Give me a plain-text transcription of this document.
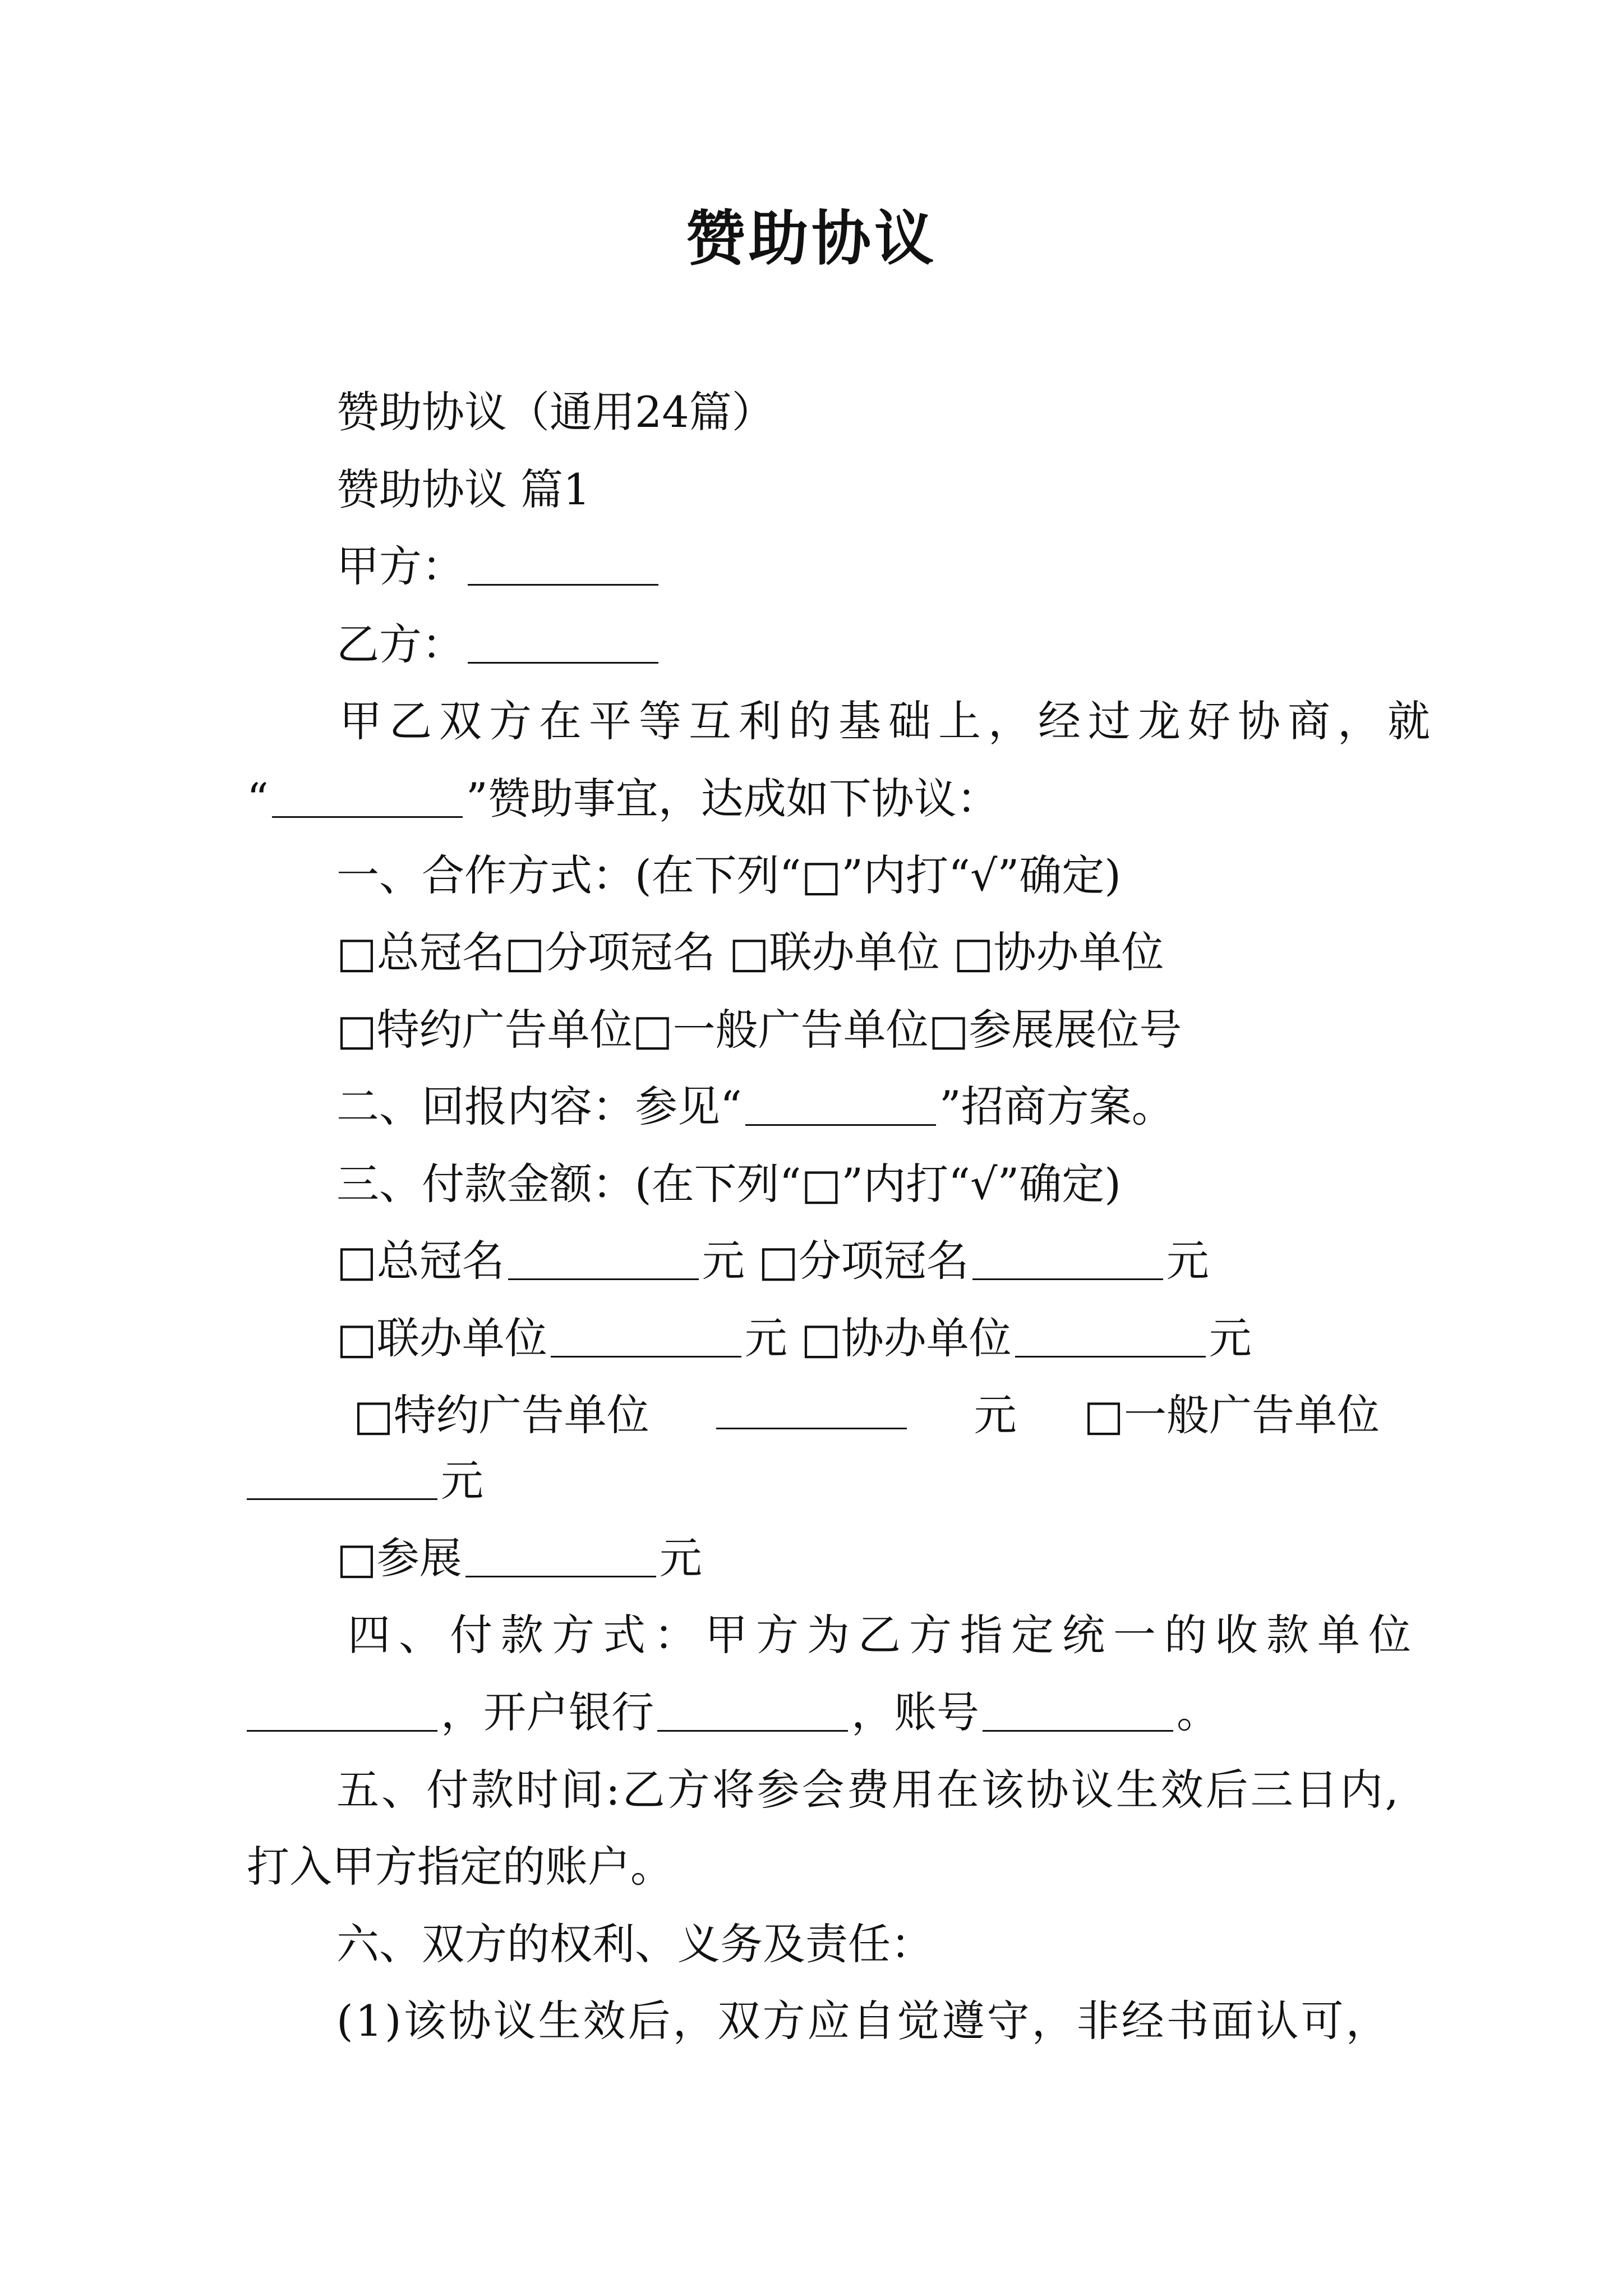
赞助协议
赞助协议（通用24篇）
赞助协议 篇1
甲方：
乙方：
甲乙双方在平等互利的基础上，经过龙好协商，就
“	”赞助事宜，达成如下协议：
一、合作方式：(在下列“□”内打“√”确定)
□总冠名□分项冠名 □联办单位 □协办单位
□特约广告单位□一般广告单位□参展展位号
二、回报内容：参见“	”招商方案。
三、付款金额：(在下列“□”内打“√”确定)
□总冠名	元 □分项冠名	元
□联办单位	元 □协办单位	元
□特约广告单位	元 □一般广告单位
元
□参展	元
四、付款方式：甲方为乙方指定统一的收款单位
，开户银行	，账号	。
五、付款时间:乙方将参会费用在该协议生效后三日内,
打入甲方指定的账户。
六、双方的权利、义务及责任：
(1)该协议生效后，双方应自觉遵守，非经书面认可，
